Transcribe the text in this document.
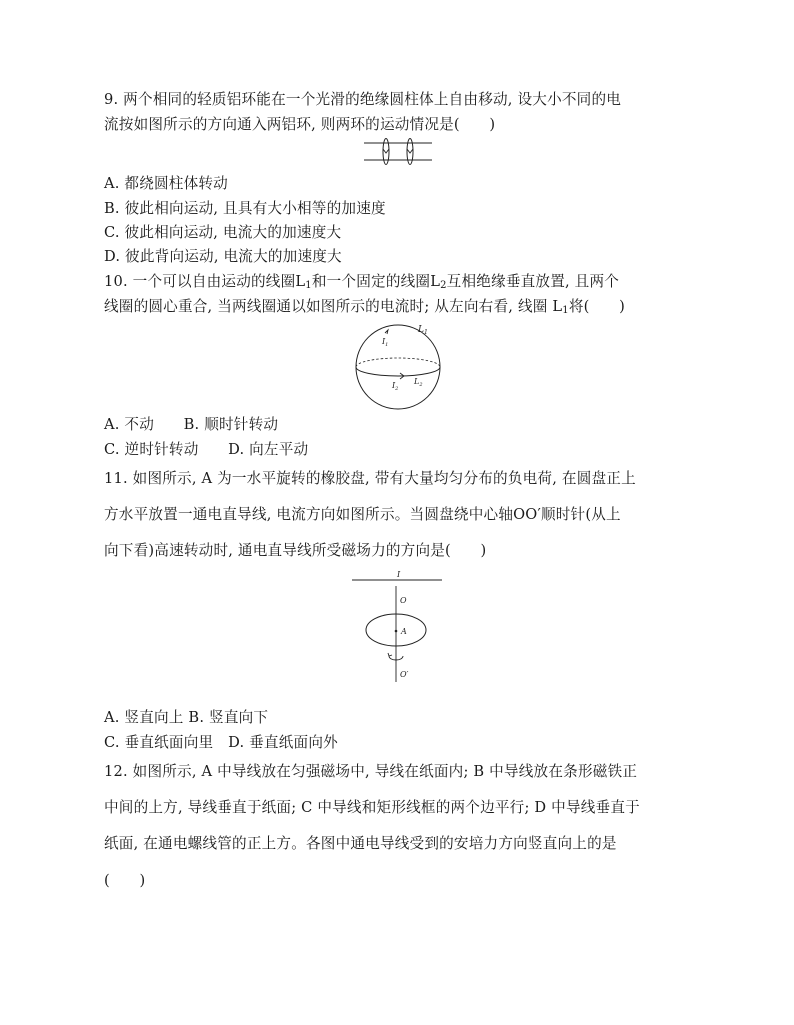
9. 两个相同的轻质铝环能在一个光滑的绝缘圆柱体上自由移动, 设大小不同的电
流按如图所示的方向通入两铝环, 则两环的运动情况是(　　)
A. 都绕圆柱体转动
B. 彼此相向运动, 且具有大小相等的加速度
C. 彼此相向运动, 电流大的加速度大
D. 彼此背向运动, 电流大的加速度大
10. 一个可以自由运动的线圈$L_1$和一个固定的线圈$L_2$互相绝缘垂直放置, 且两个
线圈的圆心重合, 当两线圈通以如图所示的电流时; 从左向右看, 线圈 $L_1$将(　　)
$L_1$
$I_1$
$I_2$
$L_2$
A. 不动　　B. 顺时针转动
C. 逆时针转动　　D. 向左平动
11. 如图所示, A 为一水平旋转的橡胶盘, 带有大量均匀分布的负电荷, 在圆盘正上
方水平放置一通电直导线, 电流方向如图所示。当圆盘绕中心轴OO′顺时针(从上
向下看)高速转动时, 通电直导线所受磁场力的方向是(　　)
I
O
A
O′
A. 竖直向上 B. 竖直向下
C. 垂直纸面向里　D. 垂直纸面向外
12. 如图所示, A 中导线放在匀强磁场中, 导线在纸面内; B 中导线放在条形磁铁正
中间的上方, 导线垂直于纸面; C 中导线和矩形线框的两个边平行; D 中导线垂直于
纸面, 在通电螺线管的正上方。各图中通电导线受到的安培力方向竖直向上的是
(　　)
